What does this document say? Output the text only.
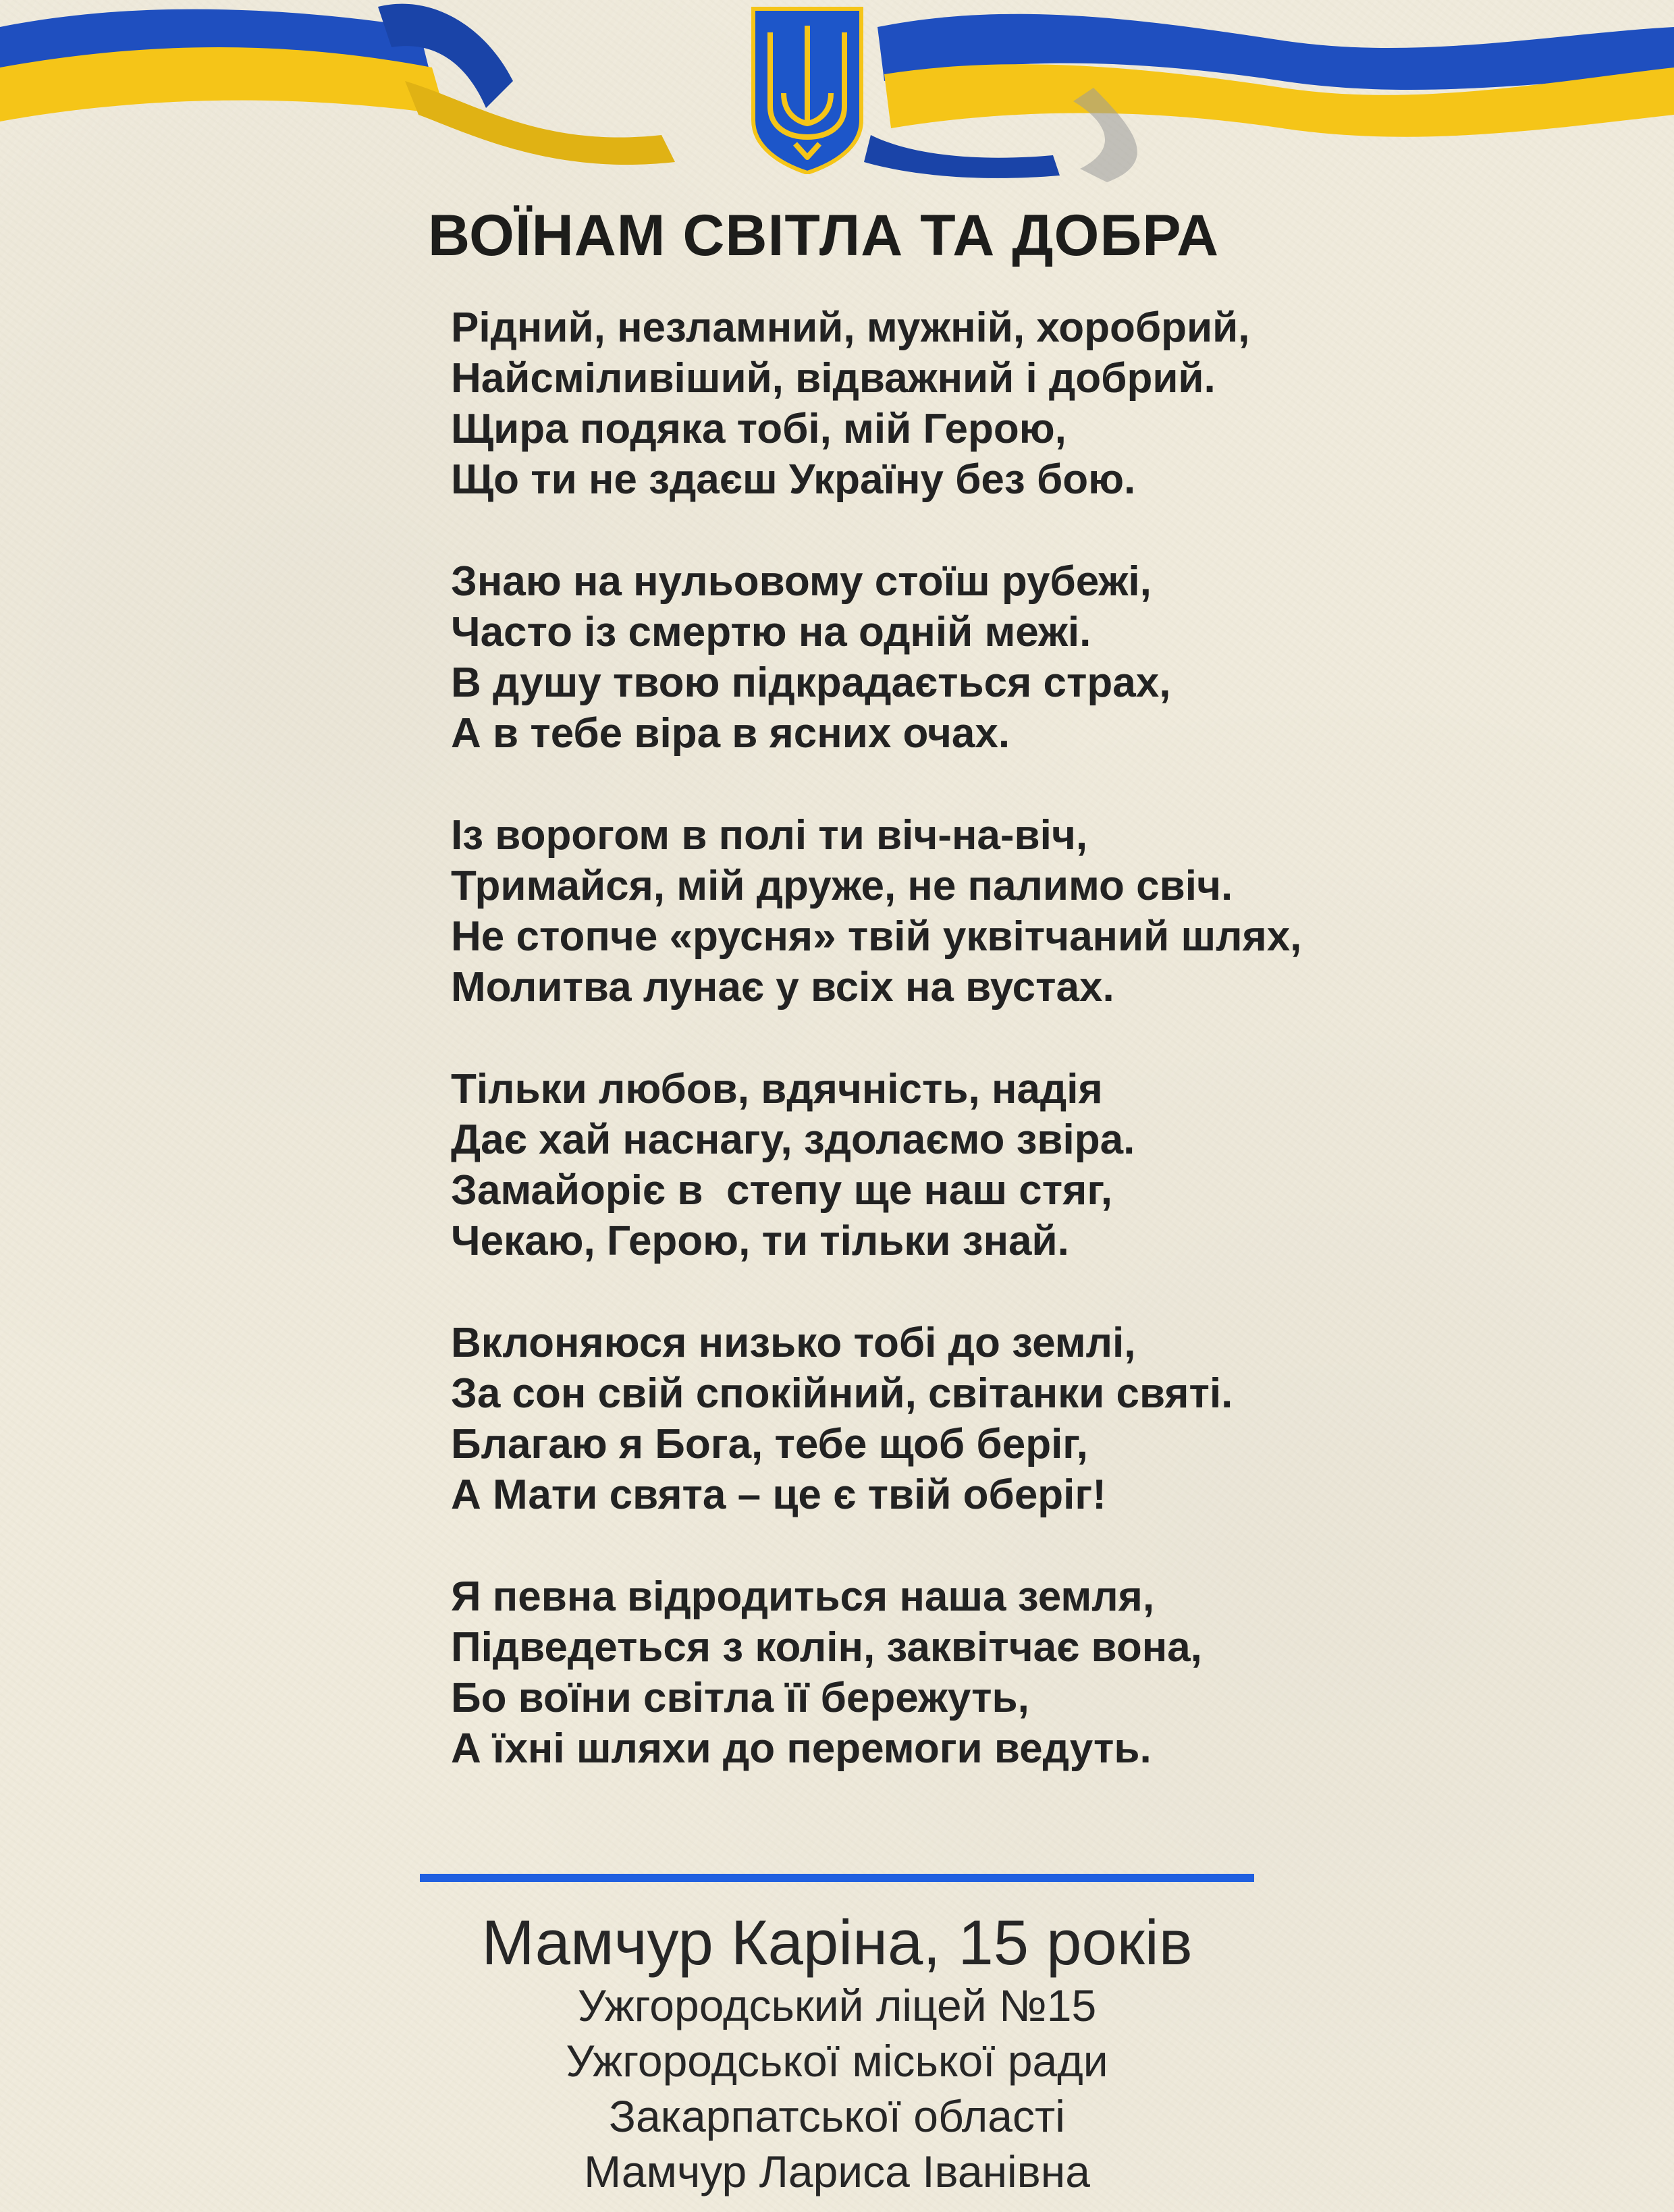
ВОЇНАМ СВІТЛА ТА ДОБРА
Рідний, незламний, мужній, хоробрий,
Найсміливіший, відважний і добрий.
Щира подяка тобі, мій Герою,
Що ти не здаєш Україну без бою.
Знаю на нульовому стоїш рубежі,
Часто із смертю на одній межі.
В душу твою підкрадається страх,
А в тебе віра в ясних очах.
Із ворогом в полі ти віч-на-віч,
Тримайся, мій друже, не палимо свіч.
Не стопче «русня» твій уквітчаний шлях,
Молитва лунає у всіх на вустах.
Тільки любов, вдячність, надія
Дає хай наснагу, здолаємо звіра.
Замайоріє в  степу ще наш стяг,
Чекаю, Герою, ти тільки знай.
Вклоняюся низько тобі до землі,
За сон свій спокійний, світанки святі.
Благаю я Бога, тебе щоб беріг,
А Мати свята – це є твій оберіг!
Я певна відродиться наша земля,
Підведеться з колін, заквітчає вона,
Бо воїни світла її бережуть,
А їхні шляхи до перемоги ведуть.
Мамчур Каріна, 15 років
Ужгородський ліцей №15
Ужгородської міської ради
Закарпатської області
Мамчур Лариса Іванівна
